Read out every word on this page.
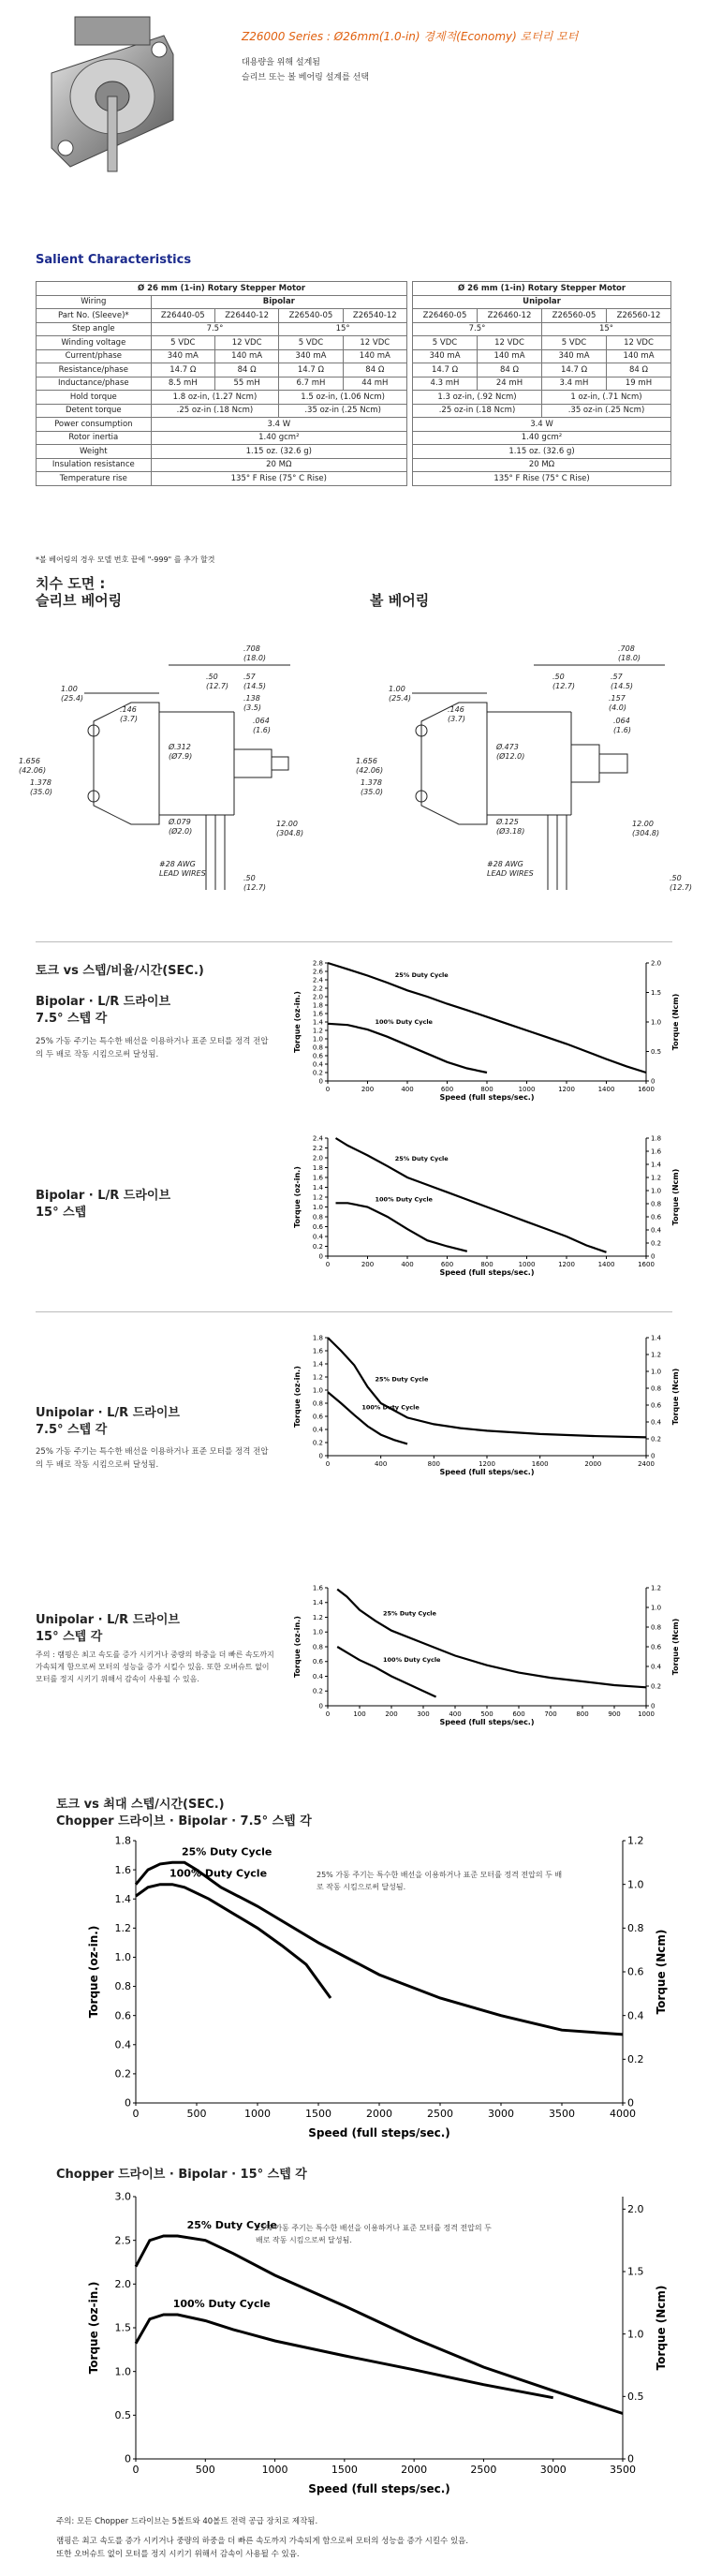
Z26000 Series : Ø26mm(1.0-in) 경제적(Economy) 로터리 모터
대용량을 위해 설계됨
슬리브 또는 볼 베어링 설계를 선택
Salient Characteristics
Ø 26 mm (1-in) Rotary Stepper Motor				
Wiring	Bipolar			
Part No. (Sleeve)*	Z26440-05	Z26440-12	Z26540-05	Z26540-12
Step angle	7.5°		15°	
Winding voltage	5 VDC	12 VDC	5 VDC	12 VDC
Current/phase	340 mA	140 mA	340 mA	140 mA
Resistance/phase	14.7 Ω	84 Ω	14.7 Ω	84 Ω
Inductance/phase	8.5 mH	55 mH	6.7 mH	44 mH
Hold torque	1.8 oz-in, (1.27 Ncm)		1.5 oz-in, (1.06 Ncm)	
Detent torque	.25 oz-in (.18 Ncm)		.35 oz-in (.25 Ncm)	
Power consumption	3.4 W			
Rotor inertia	1.40 gcm²			
Weight	1.15 oz. (32.6 g)			
Insulation resistance	20 MΩ			
Temperature rise	135° F Rise (75° C Rise)			
Ø 26 mm (1-in) Rotary Stepper Motor			
Unipolar			
Z26460-05	Z26460-12	Z26560-05	Z26560-12
7.5°		15°	
5 VDC	12 VDC	5 VDC	12 VDC
340 mA	140 mA	340 mA	140 mA
14.7 Ω	84 Ω	14.7 Ω	84 Ω
4.3 mH	24 mH	3.4 mH	19 mH
1.3 oz-in, (.92 Ncm)		1 oz-in, (.71 Ncm)	
.25 oz-in (.18 Ncm)		.35 oz-in (.25 Ncm)	
3.4 W			
1.40 gcm²			
1.15 oz. (32.6 g)			
20 MΩ			
135° F Rise (75° C Rise)			
*볼 베어링의 경우 모델 번호 끝에 "-999" 를 추가 할것
치수 도면 :
슬리브 베어링	볼 베어링
.708
(18.0)
.50
(12.7)
.57
(14.5)
.138
(3.5)
.064
(1.6)
1.00
(25.4)
.146
(3.7)
1.656
(42.06)
1.378
(35.0)
Ø.312
(Ø7.9)
Ø.079
(Ø2.0)
12.00
(304.8)
#28 AWG
LEAD WIRES
.50
(12.7)
.708
(18.0)
.50
(12.7)
.57
(14.5)
.157
(4.0)
.064
(1.6)
1.00
(25.4)
.146
(3.7)
1.656
(42.06)
1.378
(35.0)
Ø.473
(Ø12.0)
Ø.125
(Ø3.18)
12.00
(304.8)
#28 AWG
LEAD WIRES
.50
(12.7)
토크 vs 스텝/비율/시간(SEC.)
Bipolar · L/R 드라이브
7.5° 스텝 각
25% 가동 주기는 특수한 배선을 이용하거나 표준 모터를 정격 전압의 두 배로 작동 시킴으로써 달성됨.
0	200	400	600	800	1000	1200	1400	1600
0
0.2
0.4
0.6
0.8
1.0
1.2
1.4
1.6
1.8
2.0
2.2
2.4
2.6
2.8
0
0.5
1.0
1.5
2.0
Speed (full steps/sec.)
Torque (oz-in.)	Torque (Ncm)
25% Duty Cycle
100% Duty Cycle
Bipolar · L/R 드라이브
15° 스텝
0	200	400	600	800	1000	1200	1400	1600
0
0.2
0.4
0.6
0.8
1.0
1.2
1.4
1.6
1.8
2.0
2.2
2.4
0
0.2
0.4
0.6
0.8
1.0
1.2
1.4
1.6
1.8
Speed (full steps/sec.)
Torque (oz-in.)	Torque (Ncm)
25% Duty Cycle
100% Duty Cycle
Unipolar · L/R 드라이브
7.5° 스텝 각
25% 가동 주기는 특수한 배선을 이용하거나 표준 모터를 정격 전압의 두 배로 작동 시킴으로써 달성됨.	0	400	800	1200	1600	2000	2400
0
0.2
0.4
0.6
0.8
1.0
1.2
1.4
1.6
1.8
0
0.2
0.4
0.6
0.8
1.0
1.2
1.4
Speed (full steps/sec.)
Torque (oz-in.)	Torque (Ncm)
25% Duty Cycle
100% Duty Cycle
Unipolar · L/R 드라이브
15° 스텝 각
주의 : 램핑은 최고 속도를 증가 시키거나 중량의 하중을 더 빠른 속도까지 가속되게 함으로써 모터의 성능을 증가 시킬수 있음. 또한 오버슈트 없이 모터를 정지 시키기 위해서 감속이 사용될 수 있음.
0	100	200	300	400	500	600	700	800	900	1000
0
0.2
0.4
0.6
0.8
1.0
1.2
1.4
1.6
0
0.2
0.4
0.6
0.8
1.0
1.2
Speed (full steps/sec.)
Torque (oz-in.)	Torque (Ncm)
25% Duty Cycle
100% Duty Cycle
토크 vs 최대 스텝/시간(SEC.)
Chopper 드라이브 · Bipolar · 7.5° 스텝 각
0	500	1000	1500	2000	2500	3000	3500	4000
0
0.2
0.4
0.6
0.8
1.0
1.2
1.4
1.6
1.8
0
0.2
0.4
0.6
0.8
1.0
1.2
Speed (full steps/sec.)
Torque (oz-in.)	Torque (Ncm)
25% Duty Cycle
100% Duty Cycle	25% 가동 주기는 특수한 배선을 이용하거나 표준 모터를 정격 전압의 두 배로 작동 시킴으로써 달성됨.
Chopper 드라이브 · Bipolar · 15° 스텝 각
0	500	1000	1500	2000	2500	3000	3500
0
0.5
1.0
1.5
2.0
2.5
3.0
0
0.5
1.0
1.5
2.0
Speed (full steps/sec.)
Torque (oz-in.)	Torque (Ncm)
25% Duty Cycle
100% Duty Cycle
25% 가동 주기는 특수한 배선을 이용하거나 표준 모터를 정격 전압의 두 배로 작동 시킴으로써 달성됨.
주의: 모든 Chopper 드라이브는 5볼트와 40볼트 전력 공급 장치로 제작됨.
램핑은 최고 속도를 증가 시키거나 중량의 하중을 더 빠른 속도까지 가속되게 함으로써 모터의 성능을 증가 시킬수 있음.
또한 오버슈트 없이 모터를 정지 시키기 위해서 감속이 사용될 수 있음.
